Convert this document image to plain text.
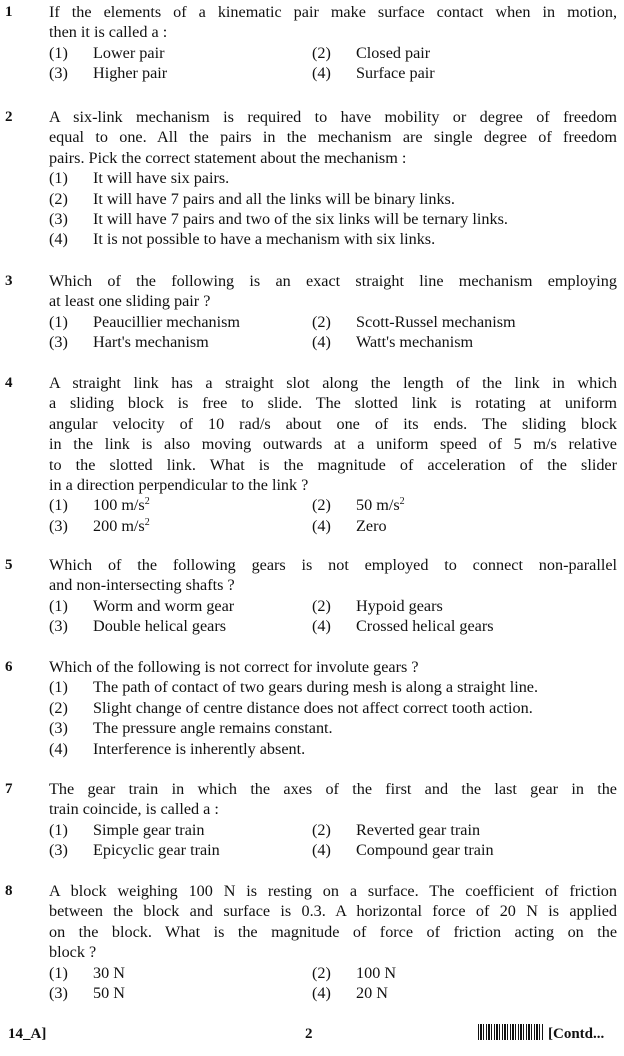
1	If the elements of a kinematic pair make surface contact when in motion,
then it is called a :
(1) Lower pair	(2) Closed pair
(3) Higher pair	(4) Surface pair
2	A six-link mechanism is required to have mobility or degree of freedom
equal to one. All the pairs in the mechanism are single degree of freedom
pairs. Pick the correct statement about the mechanism :
(1) It will have six pairs.
(2) It will have 7 pairs and all the links will be binary links.
(3) It will have 7 pairs and two of the six links will be ternary links.
(4) It is not possible to have a mechanism with six links.
3	Which of the following is an exact straight line mechanism employing
at least one sliding pair ?
(1) Peaucillier mechanism	(2) Scott-Russel mechanism
(3) Hart's mechanism	(4) Watt's mechanism
4	A straight link has a straight slot along the length of the link in which
a sliding block is free to slide. The slotted link is rotating at uniform
angular velocity of 10 rad/s about one of its ends. The sliding block
in the link is also moving outwards at a uniform speed of 5 m/s relative
to the slotted link. What is the magnitude of acceleration of the slider
in a direction perpendicular to the link ?
(1) 100 $m/s^2$	(2) 50 $m/s^2$
(3) 200 $m/s^2$	(4) Zero
5	Which of the following gears is not employed to connect non-parallel
and non-intersecting shafts ?
(1) Worm and worm gear	(2) Hypoid gears
(3) Double helical gears	(4) Crossed helical gears
6	Which of the following is not correct for involute gears ?
(1) The path of contact of two gears during mesh is along a straight line.
(2) Slight change of centre distance does not affect correct tooth action.
(3) The pressure angle remains constant.
(4) Interference is inherently absent.
7	The gear train in which the axes of the first and the last gear in the
train coincide, is called a :
(1) Simple gear train	(2) Reverted gear train
(3) Epicyclic gear train	(4) Compound gear train
8	A block weighing 100 N is resting on a surface. The coefficient of friction
between the block and surface is 0.3. A horizontal force of 20 N is applied
on the block. What is the magnitude of force of friction acting on the
block ?
(1) 30 N	(2) 100 N
(3) 50 N	(4) 20 N
14_A]	2	[Contd...
